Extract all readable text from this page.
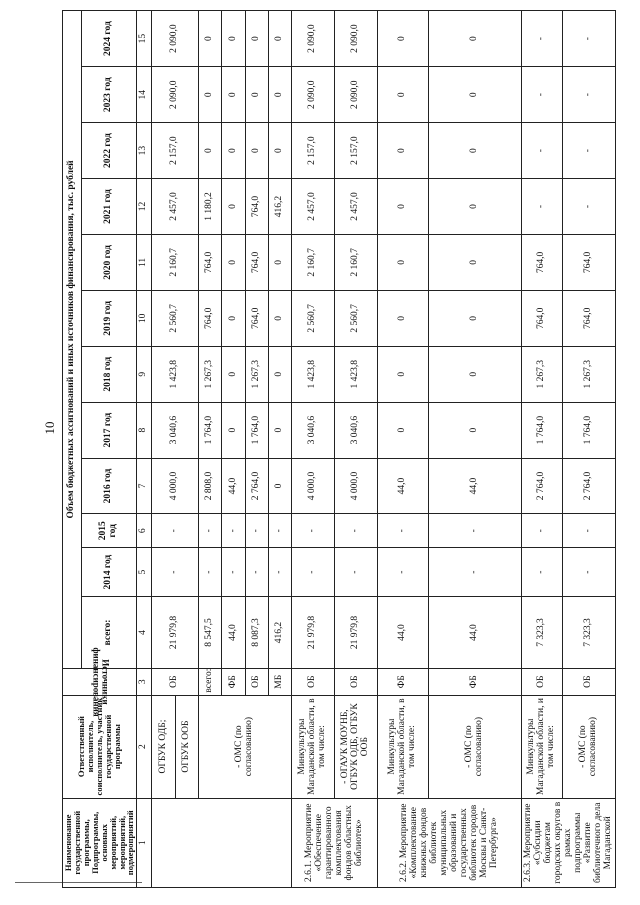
10
Наименование государственной программы, Подпрограммы, основных мероприятий, мероприятий, подмероприятий	Ответственный исполнитель, соисполнитель, участник государственной программы	Источники финансирования	Объем бюджетных ассигнований и иных источников финансирования, тыс. рублей											
			всего:	2014 год	2015 год	2016 год	2017 год	2018 год	2019 год	2020 год	2021 год	2022 год	2023 год	2024 год
1	2	3	4	5	6	7	8	9	10	11	12	13	14	15
	ОГБУК ОДБ;	ОБ	21 979,8	-	-	4 000,0	3 040,6	1 423,8	2 560,7	2 160,7	2 457,0	2 157,0	2 090,0	2 090,0
	ОГБУК ООБ													
	- ОМС (по согласованию)	всего:	8 547,5	-	-	2 808,0	1 764,0	1 267,3	764,0	764,0	1 180,2	0	0	0
		ФБ	44,0	-	-	44,0	0	0	0	0	0	0	0	0
		ОБ	8 087,3	-	-	2 764,0	1 764,0	1 267,3	764,0	764,0	764,0	0	0	0
		МБ	416,2	-	-	0	0	0	0	0	416,2	0	0	0
2.6.1. Мероприятие «Обеспечение гарантированного комплектования фондов областных библиотек»	Минкультуры Магаданской области, в том числе:	ОБ	21 979,8	-	-	4 000,0	3 040,6	1 423,8	2 560,7	2 160,7	2 457,0	2 157,0	2 090,0	2 090,0
	- ОГАУК МОУНБ, ОГБУК ОДБ, ОГБУК ООБ	ОБ	21 979,8	-	-	4 000,0	3 040,6	1 423,8	2 560,7	2 160,7	2 457,0	2 157,0	2 090,0	2 090,0
2.6.2. Мероприятие «Комплектование книжных фондов библиотек муниципальных образований и государственных библиотек городов Москвы и Санкт-Петербурга»	Минкультуры Магаданской области, в том числе:	ФБ	44,0	-	-	44,0	0	0	0	0	0	0	0	0
	- ОМС (по согласованию)	ФБ	44,0	-	-	44,0	0	0	0	0	0	0	0	0
2.6.3. Мероприятие «Субсидии бюджетам городских округов в рамках подпрограммы «Развитие библиотечного дела Магаданской	Минкультуры Магаданской области, и том числе:	ОБ	7 323,3	-	-	2 764,0	1 764,0	1 267,3	764,0	764,0	-	-	-	-
	- ОМС (по согласованию)	ОБ	7 323,3	-	-	2 764,0	1 764,0	1 267,3	764,0	764,0	-	-	-	-
